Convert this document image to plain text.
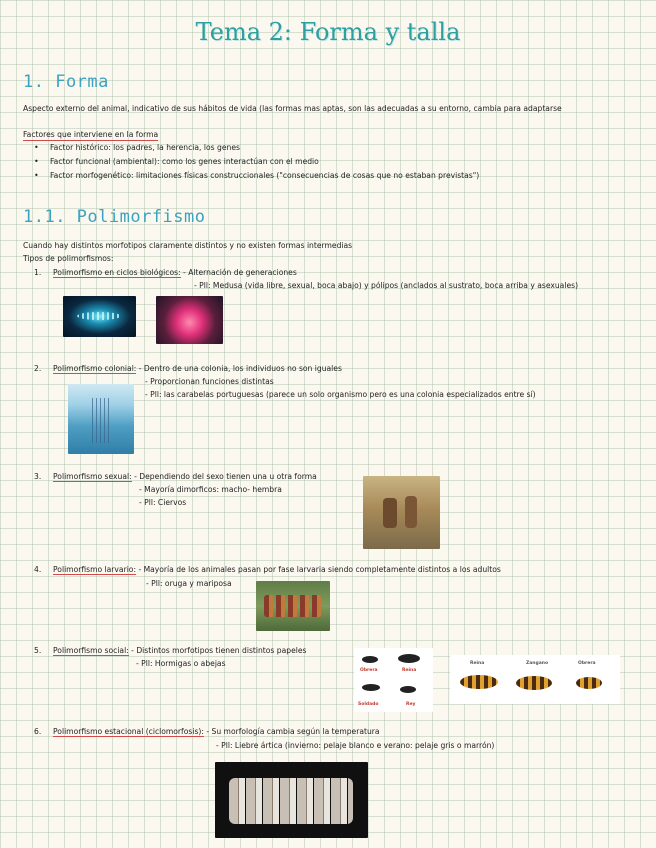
Tema 2: Forma y talla
1. Forma
Aspecto externo del animal, indicativo de sus hábitos de vida (las formas mas aptas, son las adecuadas a su entorno, cambia para adaptarse
Factores que interviene en la forma
• Factor histórico: los padres, la herencia, los genes
• Factor funcional (ambiental): como los genes interactúan con el medio
• Factor morfogenético: limitaciones físicas construccionales ("consecuencias de cosas que no estaban previstas")
1.1. Polimorfismo
Cuando hay distintos morfotipos claramente distintos y no existen formas intermedias
Tipos de polimorfismos:
1. Polimorfismo en ciclos biológicos: - Alternación de generaciones
- Pll: Medusa (vida libre, sexual, boca abajo) y pólipos (anclados al sustrato, boca arriba y asexuales)
2. Polimorfismo colonial: - Dentro de una colonia, los individuos no son iguales
- Proporcionan funciones distintas
- Pll: las carabelas portuguesas (parece un solo organismo pero es una colonia especializados entre sí)
3. Polimorfismo sexual: - Dependiendo del sexo tienen una u otra forma
- Mayoría dimorficos: macho- hembra
- Pll: Ciervos
4. Polimorfismo larvario: - Mayoría de los animales pasan por fase larvaria siendo completamente distintos a los adultos
- Pll: oruga y mariposa
5. Polimorfismo social: - Distintos morfotipos tienen distintos papeles
- Pll: Hormigas o abejas
Obrera	Reina
Soldado	Rey
Reina	Zangano	Obrera
6. Polimorfismo estacional (ciclomorfosis): - Su morfología cambia según la temperatura
- Pll: Liebre ártica (invierno: pelaje blanco e verano: pelaje gris o marrón)
